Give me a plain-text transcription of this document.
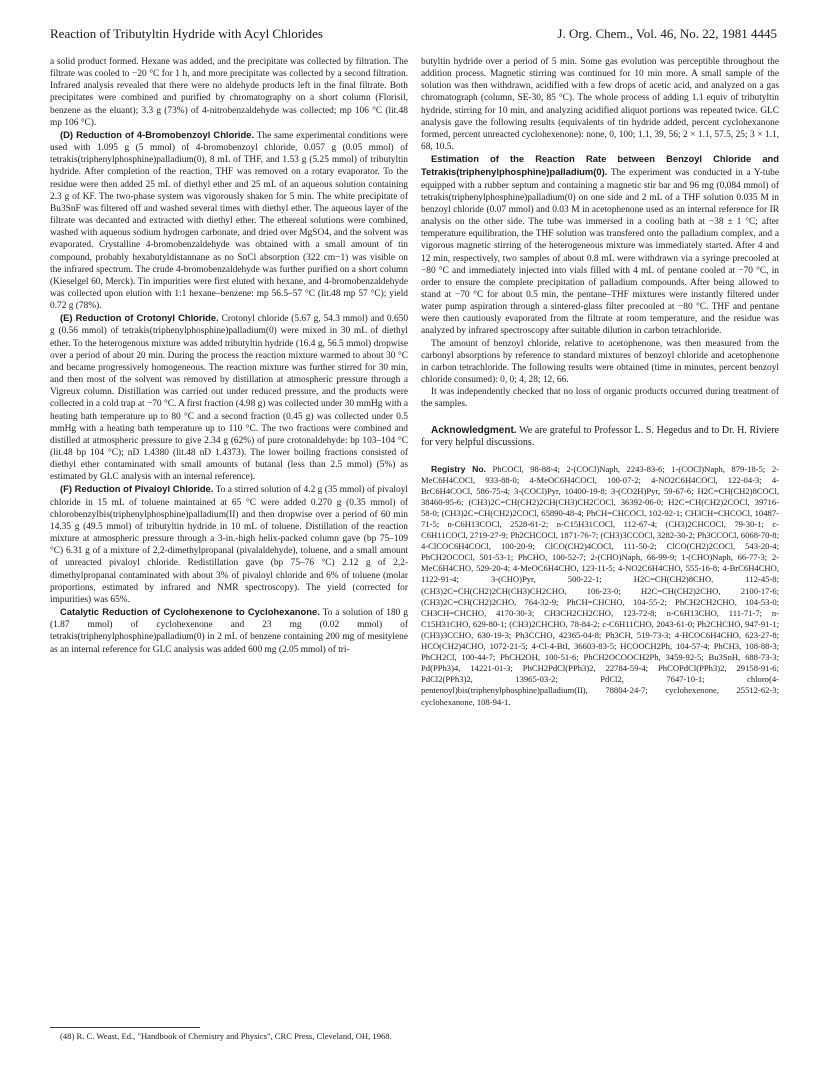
Reaction of Tributyltin Hydride with Acyl Chlorides	J. Org. Chem., Vol. 46, No. 22, 1981 4445

a solid product formed. Hexane was added, and the precipitate was collected by filtration. The filtrate was cooled to −20 °C for 1 h, and more precipitate was collected by a second filtration. Infrared analysis revealed that there were no aldehyde products left in the final filtrate. Both precipitates were combined and purified by chromatography on a short column (Florisil, benzene as the eluant); 3.3 g (73%) of 4-nitrobenzaldehyde was collected; mp 106 °C (lit.48 mp 106 °C).

(D) Reduction of 4-Bromobenzoyl Chloride. The same experimental conditions were used with 1.095 g (5 mmol) of 4-bromobenzoyl chloride, 0.057 g (0.05 mmol) of tetrakis(triphenylphosphine)palladium(0), 8 mL of THF, and 1.53 g (5.25 mmol) of tributyltin hydride. After completion of the reaction, THF was removed on a rotary evaporator. To the residue were then added 25 mL of diethyl ether and 25 mL of an aqueous solution containing 2.3 g of KF. The two-phase system was vigorously shaken for 5 min. The white precipitate of Bu3SnF was filtered off and washed several times with diethyl ether. The aqueous layer of the filtrate was decanted and extracted with diethyl ether. The ethereal solutions were combined, washed with aqueous sodium hydrogen carbonate, and dried over MgSO4, and the solvent was evaporated. Crystalline 4-bromobenzaldehyde was obtained with a small amount of tin compound, probably hexabutyldistannane as no SnCl absorption (322 cm−1) was visible on the infrared spectrum. The crude 4-bromobenzaldehyde was further purified on a short column (Kieselgel 60, Merck). Tin impurities were first eluted with hexane, and 4-bromobenzaldehyde was collected upon elution with 1:1 hexane–benzene: mp 56.5–57 °C (lit.48 mp 57 °C); yield 0.72 g (78%).

(E) Reduction of Crotonyl Chloride. Crotonyl chloride (5.67 g, 54.3 mmol) and 0.650 g (0.56 mmol) of tetrakis(triphenylphosphine)palladium(0) were mixed in 30 mL of diethyl ether. To the heterogenous mixture was added tributyltin hydride (16.4 g, 56.5 mmol) dropwise over a period of about 20 min. During the process the reaction mixture warmed to about 30 °C and became progressively homogeneous. The reaction mixture was further stirred for 30 min, and then most of the solvent was removed by distillation at atmospheric pressure through a Vigreux column. Distillation was carried out under reduced pressure, and the products were collected in a cold trap at −70 °C. A first fraction (4.98 g) was collected under 30 mmHg with a heating bath temperature up to 80 °C and a second fraction (0.45 g) was collected under 0.5 mmHg with a heating bath temperature up to 110 °C. The two fractions were combined and distilled at atmospheric pressure to give 2.34 g (62%) of pure crotonaldehyde: bp 103–104 °C (lit.48 bp 104 °C); nD 1.4380 (lit.48 nD 1.4373). The lower boiling fractions consisted of diethyl ether contaminated with small amounts of butanal (less than 2.5 mmol) (5%) as estimated by GLC analysis with an internal reference).

(F) Reduction of Pivaloyl Chloride. To a stirred solution of 4.2 g (35 mmol) of pivaloyl chloride in 15 mL of toluene maintained at 65 °C were added 0.270 g (0.35 mmol) of chlorobenzylbis(triphenylphosphine)palladium(II) and then dropwise over a period of 60 min 14.35 g (49.5 mmol) of tributyltin hydride in 10 mL of toluene. Distillation of the reaction mixture at atmospheric pressure through a 3-in.-high helix-packed column gave (bp 75–109 °C) 6.31 g of a mixture of 2,2-dimethylpropanal (pivalaldehyde), toluene, and a small amount of unreacted pivaloyl chloride. Redistillation gave (bp 75–76 °C) 2.12 g of 2,2-dimethylpropanal contaminated with about 3% of pivaloyl chloride and 6% of toluene (molar proportions, estimated by infrared and NMR spectroscopy). The yield (corrected for impurities) was 65%.

Catalytic Reduction of Cyclohexenone to Cyclohexanone. To a solution of 180 g (1.87 mmol) of cyclohexenone and 23 mg (0.02 mmol) of tetrakis(triphenylphosphine)palladium(0) in 2 mL of benzene containing 200 mg of mesitylene as an internal reference for GLC analysis was added 600 mg (2.05 mmol) of tri-

butyltin hydride over a period of 5 min. Some gas evolution was perceptible throughout the addition process. Magnetic stirring was continued for 10 min more. A small sample of the solution was then withdrawn, acidified with a few drops of acetic acid, and analyzed on a gas chromatograph (column, SE-30, 85 °C). The whole process of adding 1.1 equiv of tributyltin hydride, stirring for 10 min, and analyzing acidified aliquot portions was repeated twice. GLC analysis gave the following results (equivalents of tin hydride added, percent cyclohexanone formed, percent unreacted cyclohexenone): none, 0, 100; 1.1, 39, 56; 2 × 1.1, 57.5, 25; 3 × 1.1, 68, 10.5.

Estimation of the Reaction Rate between Benzoyl Chloride and Tetrakis(triphenylphosphine)palladium(0). The experiment was conducted in a Y-tube equipped with a rubber septum and containing a magnetic stir bar and 96 mg (0.084 mmol) of tetrakis(triphenylphosphine)palladium(0) on one side and 2 mL of a THF solution 0.035 M in benzoyl chloride (0.07 mmol) and 0.03 M in acetophenone used as an internal reference for IR analysis on the other side. The tube was immersed in a cooling bath at −38 ± 1 °C; after temperature equilibration, the THF solution was transfered onto the palladium complex, and a vigorous magnetic stirring of the heterogeneous mixture was immediately started. After 4 and 12 min, respectively, two samples of about 0.8 mL were withdrawn via a syringe precooled at −80 °C and immediately injected into vials filled with 4 mL of pentane cooled at −70 °C, in order to ensure the complete precipitation of palladium compounds. After being allowed to stand at −70 °C for about 0.5 min, the pentane–THF mixtures were instantly filtered under water pump aspiration through a sintered-glass filter precooled at −80 °C. THF and pentane were then cautiously evaporated from the filtrate at room temperature, and the residue was analyzed by infrared spectroscopy after suitable dilution in carbon tetrachloride.

The amount of benzoyl chloride, relative to acetophenone, was then measured from the carbonyl absorptions by reference to standard mixtures of benzoyl chloride and acetophenone in carbon tetrachloride. The following results were obtained (time in minutes, percent benzoyl chloride consumed): 0, 0; 4, 28; 12, 66.

It was independently checked that no loss of organic products occurred during treatment of the samples.

Acknowledgment. We are grateful to Professor L. S. Hegedus and to Dr. H. Riviere for very helpful discussions.

Registry No. PhCOCl, 98-88-4; 2-(COCl)Naph, 2243-83-6; 1-(COCl)Naph, 879-18-5; 2-MeC6H4COCl, 933-88-0; 4-MeOC6H4COCl, 100-07-2; 4-NO2C6H4COCl, 122-04-3; 4-BrC6H4COCl, 586-75-4; 3-(COCl)Pyr, 10400-19-8; 3-(CO2H)Pyr, 59-67-6; H2C=CH(CH2)8COCl, 38460-95-6; (CH3)2C=CH(CH2)2CH(CH3)CH2COCl, 36392-06-0; H2C=CH(CH2)2COCl, 39716-58-0; (CH3)2C=CH(CH2)2COCl, 65890-48-4; PhCH=CHCOCl, 102-92-1; CH3CH=CHCOCl, 10487-71-5; n-C6H13COCl, 2528-61-2; n-C15H31COCl, 112-67-4; (CH3)2CHCOCl, 79-30-1; c-C6H11COCl, 2719-27-9; Ph2CHCOCl, 1871-76-7; (CH3)3CCOCl, 3282-30-2; Ph3CCOCl, 6068-70-8; 4-ClCOC6H4COCl, 100-20-9; ClCO(CH2)4COCl, 111-50-2; ClCO(CH2)2COCl, 543-20-4; PhCH2OCOCl, 501-53-1; PhCHO, 100-52-7; 2-(CHO)Naph, 66-99-9; 1-(CHO)Naph, 66-77-3; 2-MeC6H4CHO, 529-20-4; 4-MeOC6H4CHO, 123-11-5; 4-NO2C6H4CHO, 555-16-8; 4-BrC6H4CHO, 1122-91-4; 3-(CHO)Pyr, 500-22-1; H2C=CH(CH2)8CHO, 112-45-8; (CH3)2C=CH(CH2)2CH(CH3)CH2CHO, 106-23-0; H2C=CH(CH2)2CHO, 2100-17-6; (CH3)2C=CH(CH2)2CHO, 764-32-9; PhCH=CHCHO, 104-55-2; PhCH2CH2CHO, 104-53-0; CH3CH=CHCHO, 4170-30-3; CH3CH2CH2CHO, 123-72-8; n-C6H13CHO, 111-71-7; n-C15H31CHO, 629-80-1; (CH3)2CHCHO, 78-84-2; c-C6H11CHO, 2043-61-0; Ph2CHCHO, 947-91-1; (CH3)3CCHO, 630-19-3; Ph3CCHO, 42365-04-8; Ph3CH, 519-73-3; 4-HCOC6H4CHO, 623-27-8; HCO(CH2)4CHO, 1072-21-5; 4-Cl-4-BtI, 36603-83-5; HCOOCH2Ph, 104-57-4; PhCH3, 108-88-3; PhCH2Cl, 100-44-7; PhCH2OH, 100-51-6; PhCH2OCOOCH2Ph, 3459-92-5; Bu3SnH, 688-73-3; Pd(PPh3)4, 14221-01-3; PhCH2PdCl(PPh3)2, 22784-59-4; PhCOPdCl(PPh3)2, 29158-91-6; PdCl2(PPh3)2, 13965-03-2; PdCl2, 7647-10-1; chloro(4-pentenoyl)bis(triphenylphosphine)palladium(II), 78804-24-7; cyclohexenone, 25512-62-3; cyclohexanone, 108-94-1.

(48) R. C. Weast, Ed., "Handbook of Chemistry and Physics", CRC Press, Cleveland, OH, 1968.
